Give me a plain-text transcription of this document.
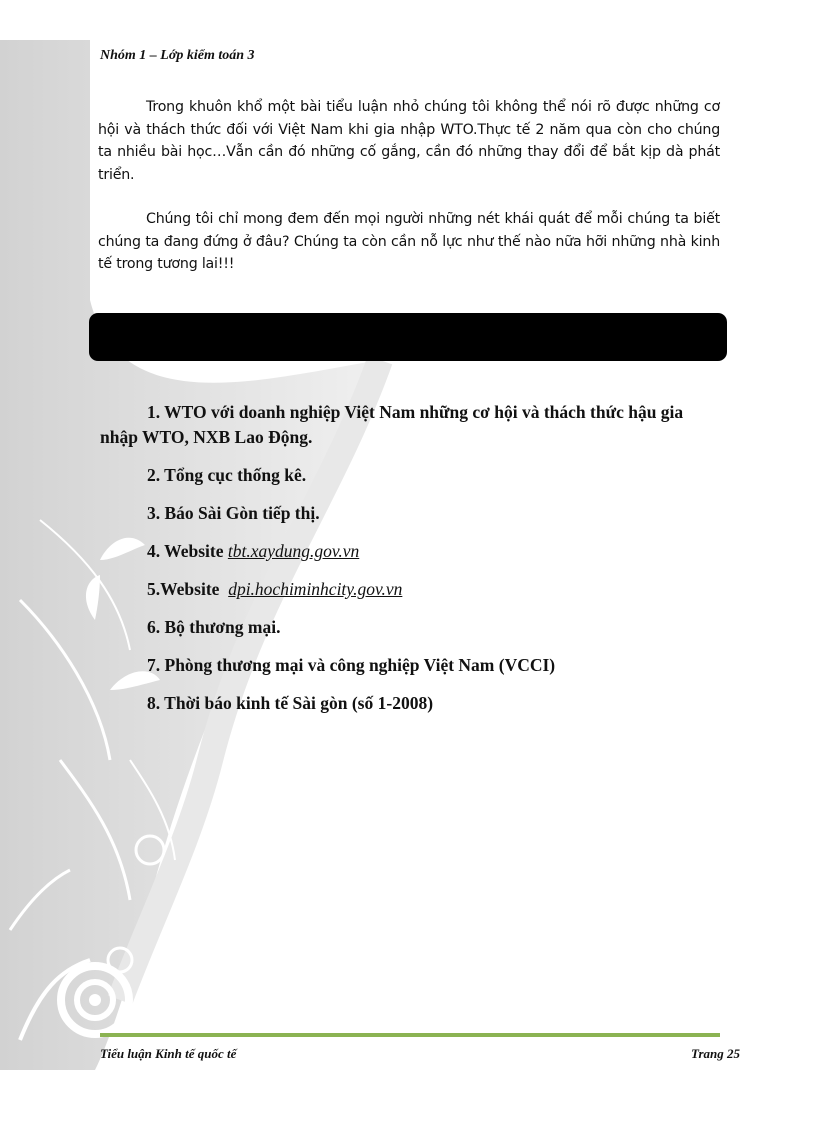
Nhóm 1 – Lớp kiểm toán 3

Trong khuôn khổ một bài tiểu luận nhỏ chúng tôi không thể nói rõ được những cơ hội và thách thức đối với Việt Nam khi gia nhập WTO.Thực tế 2 năm qua còn cho chúng ta nhiều bài học…Vẫn cần đó những cố gắng, cần đó những thay đổi để bắt kịp dà phát triển.

Chúng tôi chỉ mong đem đến mọi người những nét khái quát để mỗi chúng ta biết chúng ta đang đứng ở đâu? Chúng ta còn cần nỗ lực như thế nào nữa hỡi những nhà kinh tế trong tương lai!!!

1. WTO với doanh nghiệp Việt Nam những cơ hội và thách thức hậu gia
nhập WTO, NXB Lao Động.
2. Tổng cục thống kê.
3. Báo Sài Gòn tiếp thị.
4. Website tbt.xaydung.gov.vn
5.Website  dpi.hochiminhcity.gov.vn
6. Bộ thương mại.
7. Phòng thương mại và công nghiệp Việt Nam (VCCI)
8. Thời báo kinh tế Sài gòn (số 1-2008)
Tiểu luận Kinh tế quốc tế	Trang 25
